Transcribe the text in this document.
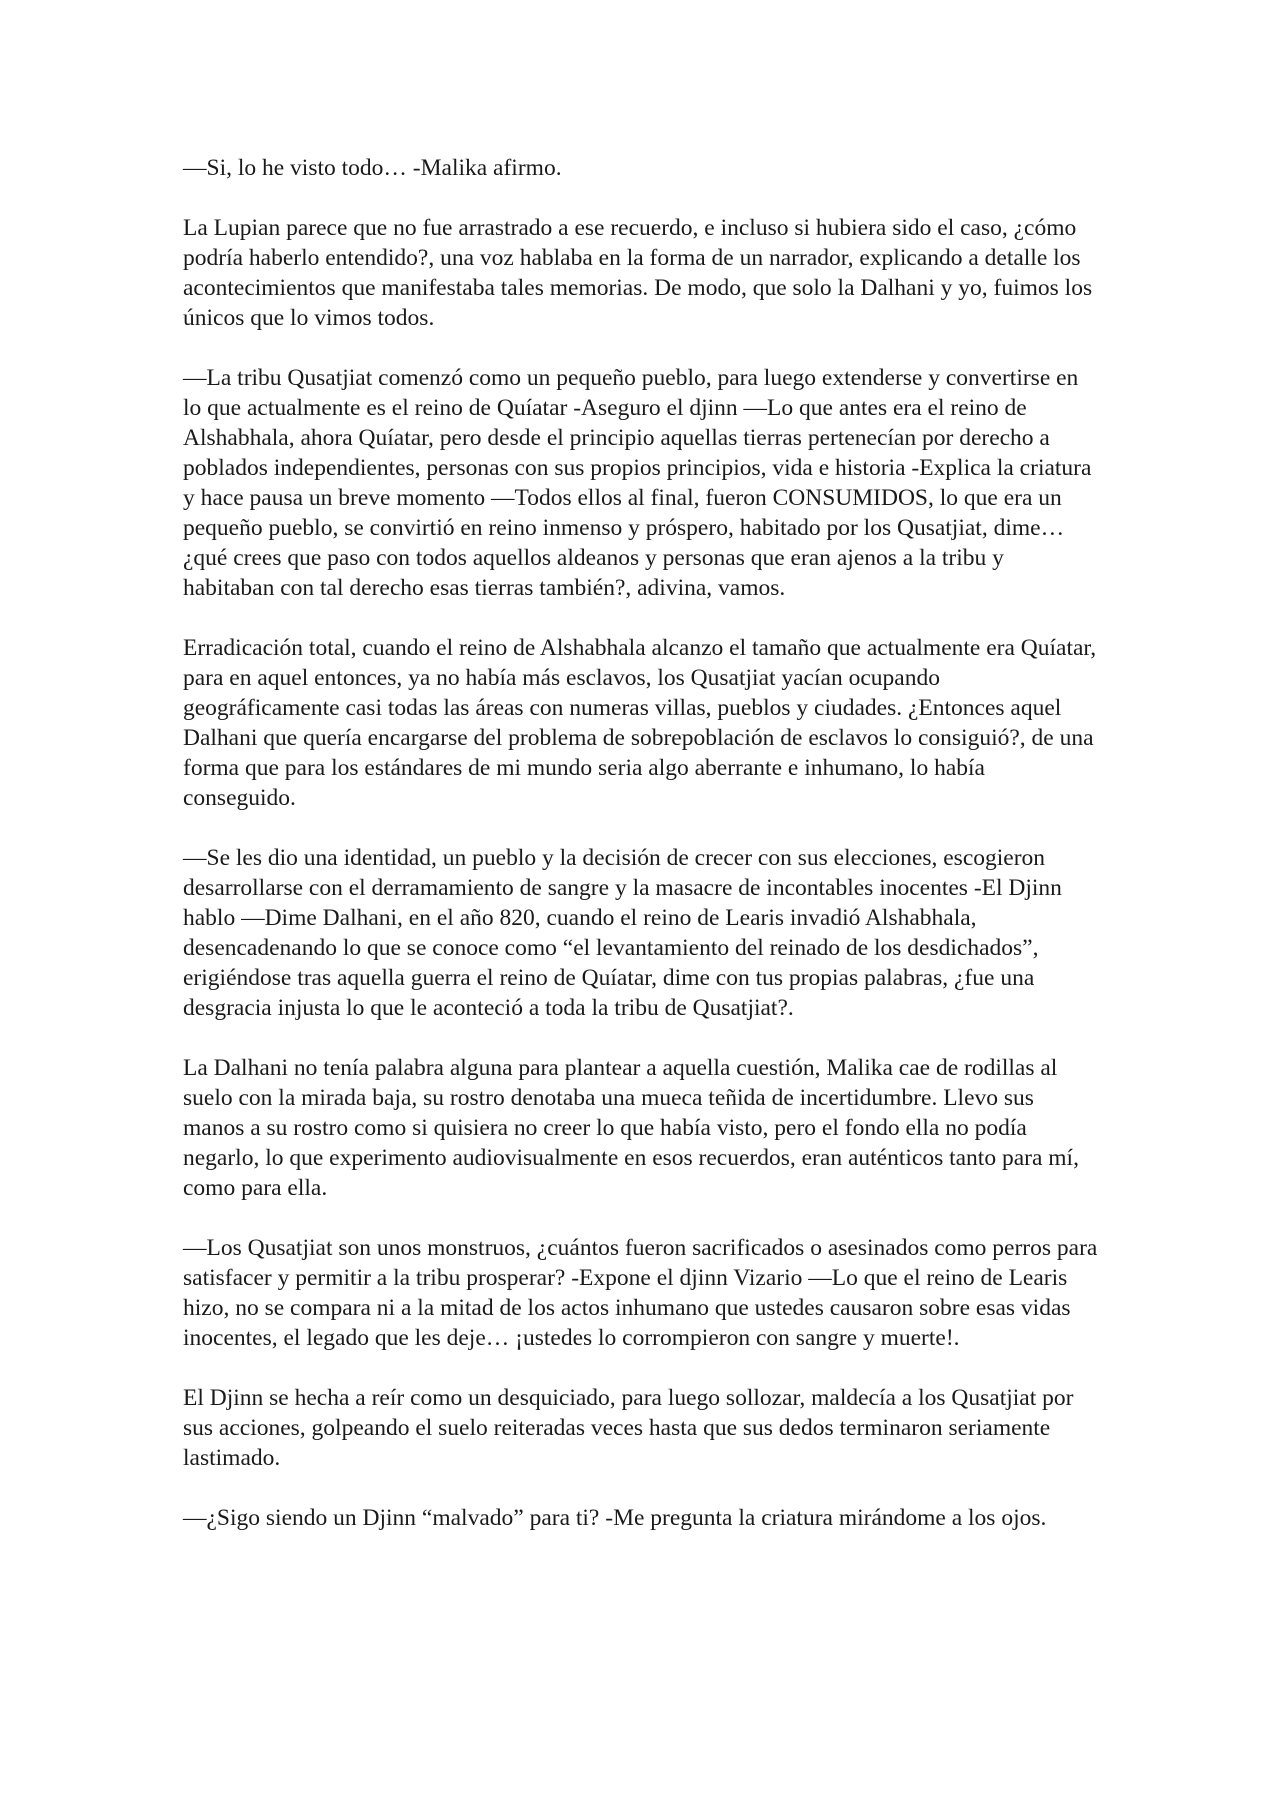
—Si, lo he visto todo… -Malika afirmo.

La Lupian parece que no fue arrastrado a ese recuerdo, e incluso si hubiera sido el caso, ¿cómo podría haberlo entendido?, una voz hablaba en la forma de un narrador, explicando a detalle los acontecimientos que manifestaba tales memorias. De modo, que solo la Dalhani y yo, fuimos los únicos que lo vimos todos.

—La tribu Qusatjiat comenzó como un pequeño pueblo, para luego extenderse y convertirse en lo que actualmente es el reino de Quíatar -Aseguro el djinn —Lo que antes era el reino de Alshabhala, ahora Quíatar, pero desde el principio aquellas tierras pertenecían por derecho a poblados independientes, personas con sus propios principios, vida e historia -Explica la criatura y hace pausa un breve momento —Todos ellos al final, fueron CONSUMIDOS, lo que era un pequeño pueblo, se convirtió en reino inmenso y próspero, habitado por los Qusatjiat, dime… ¿qué crees que paso con todos aquellos aldeanos y personas que eran ajenos a la tribu y habitaban con tal derecho esas tierras también?, adivina, vamos.

Erradicación total, cuando el reino de Alshabhala alcanzo el tamaño que actualmente era Quíatar, para en aquel entonces, ya no había más esclavos, los Qusatjiat yacían ocupando geográficamente casi todas las áreas con numeras villas, pueblos y ciudades. ¿Entonces aquel Dalhani que quería encargarse del problema de sobrepoblación de esclavos lo consiguió?, de una forma que para los estándares de mi mundo seria algo aberrante e inhumano, lo había conseguido.

—Se les dio una identidad, un pueblo y la decisión de crecer con sus elecciones, escogieron desarrollarse con el derramamiento de sangre y la masacre de incontables inocentes -El Djinn hablo —Dime Dalhani, en el año 820, cuando el reino de Learis invadió Alshabhala, desencadenando lo que se conoce como “el levantamiento del reinado de los desdichados”, erigiéndose tras aquella guerra el reino de Quíatar, dime con tus propias palabras, ¿fue una desgracia injusta lo que le aconteció a toda la tribu de Qusatjiat?.

La Dalhani no tenía palabra alguna para plantear a aquella cuestión, Malika cae de rodillas al suelo con la mirada baja, su rostro denotaba una mueca teñida de incertidumbre. Llevo sus manos a su rostro como si quisiera no creer lo que había visto, pero el fondo ella no podía negarlo, lo que experimento audiovisualmente en esos recuerdos, eran auténticos tanto para mí, como para ella.

—Los Qusatjiat son unos monstruos, ¿cuántos fueron sacrificados o asesinados como perros para satisfacer y permitir a la tribu prosperar? -Expone el djinn Vizario —Lo que el reino de Learis hizo, no se compara ni a la mitad de los actos inhumano que ustedes causaron sobre esas vidas inocentes, el legado que les deje… ¡ustedes lo corrompieron con sangre y muerte!.

El Djinn se hecha a reír como un desquiciado, para luego sollozar, maldecía a los Qusatjiat por sus acciones, golpeando el suelo reiteradas veces hasta que sus dedos terminaron seriamente lastimado.

—¿Sigo siendo un Djinn “malvado” para ti? -Me pregunta la criatura mirándome a los ojos.
